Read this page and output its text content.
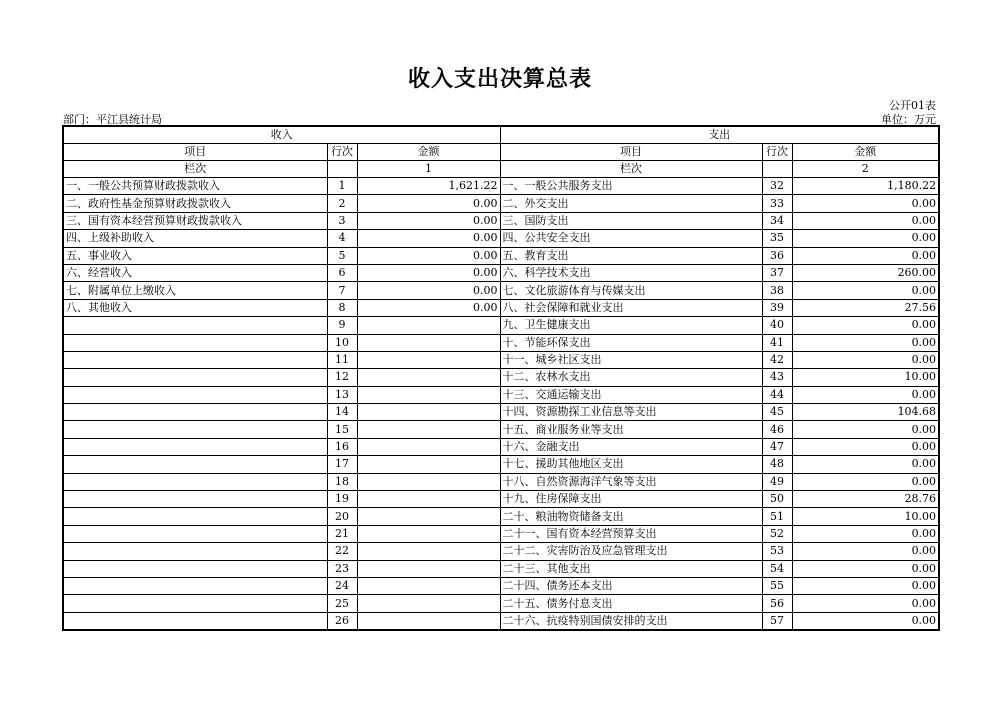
收入支出决算总表
公开01表
部门：平江县统计局	单位：万元
收入			支出		
项目	行次	金额	项目	行次	金额
栏次		1	栏次		2
一、一般公共预算财政拨款收入	1	1,621.22	一、一般公共服务支出	32	1,180.22
二、政府性基金预算财政拨款收入	2	0.00	二、外交支出	33	0.00
三、国有资本经营预算财政拨款收入	3	0.00	三、国防支出	34	0.00
四、上级补助收入	4	0.00	四、公共安全支出	35	0.00
五、事业收入	5	0.00	五、教育支出	36	0.00
六、经营收入	6	0.00	六、科学技术支出	37	260.00
七、附属单位上缴收入	7	0.00	七、文化旅游体育与传媒支出	38	0.00
八、其他收入	8	0.00	八、社会保障和就业支出	39	27.56
	9		九、卫生健康支出	40	0.00
	10		十、节能环保支出	41	0.00
	11		十一、城乡社区支出	42	0.00
	12		十二、农林水支出	43	10.00
	13		十三、交通运输支出	44	0.00
	14		十四、资源勘探工业信息等支出	45	104.68
	15		十五、商业服务业等支出	46	0.00
	16		十六、金融支出	47	0.00
	17		十七、援助其他地区支出	48	0.00
	18		十八、自然资源海洋气象等支出	49	0.00
	19		十九、住房保障支出	50	28.76
	20		二十、粮油物资储备支出	51	10.00
	21		二十一、国有资本经营预算支出	52	0.00
	22		二十二、灾害防治及应急管理支出	53	0.00
	23		二十三、其他支出	54	0.00
	24		二十四、债务还本支出	55	0.00
	25		二十五、债务付息支出	56	0.00
	26		二十六、抗疫特别国债安排的支出	57	0.00
